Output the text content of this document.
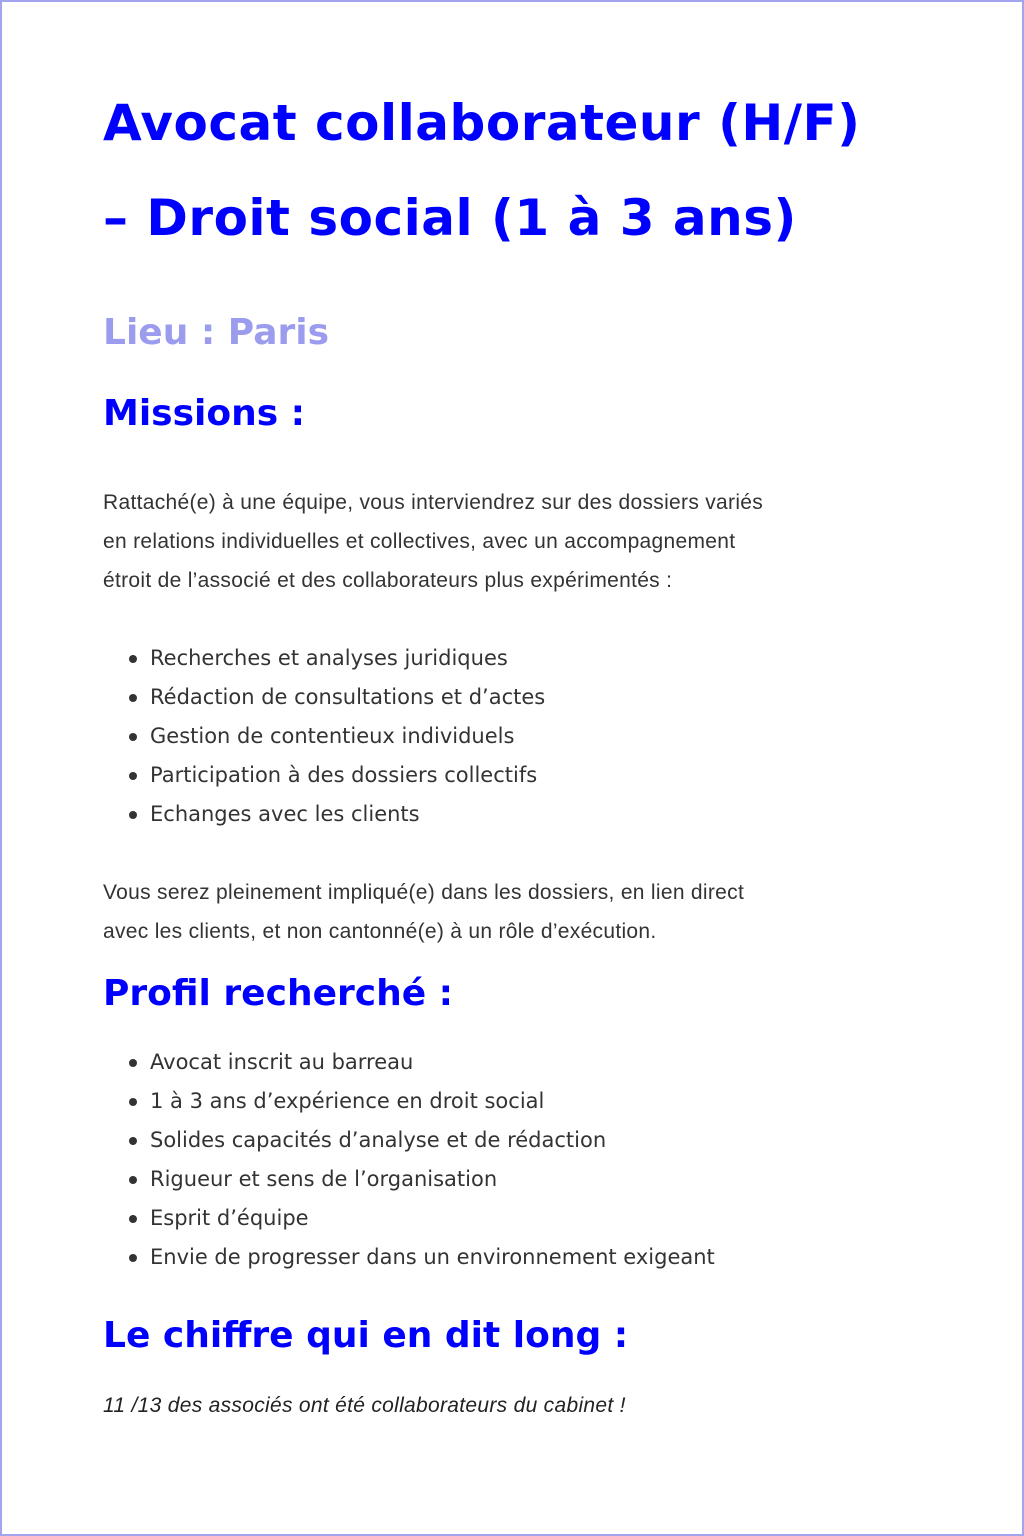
Avocat collaborateur (H/F)
– Droit social (1 à 3 ans)
Lieu : Paris
Missions :

Rattaché(e) à une équipe, vous interviendrez sur des dossiers variés
en relations individuelles et collectives, avec un accompagnement
étroit de l’associé et des collaborateurs plus expérimentés :

Recherches et analyses juridiques
Rédaction de consultations et d’actes
Gestion de contentieux individuels
Participation à des dossiers collectifs
Echanges avec les clients

Vous serez pleinement impliqué(e) dans les dossiers, en lien direct
avec les clients, et non cantonné(e) à un rôle d’exécution.

Profil recherché :
Avocat inscrit au barreau
1 à 3 ans d’expérience en droit social
Solides capacités d’analyse et de rédaction
Rigueur et sens de l’organisation
Esprit d’équipe
Envie de progresser dans un environnement exigeant
Le chiffre qui en dit long :

11 /13 des associés ont été collaborateurs du cabinet !
